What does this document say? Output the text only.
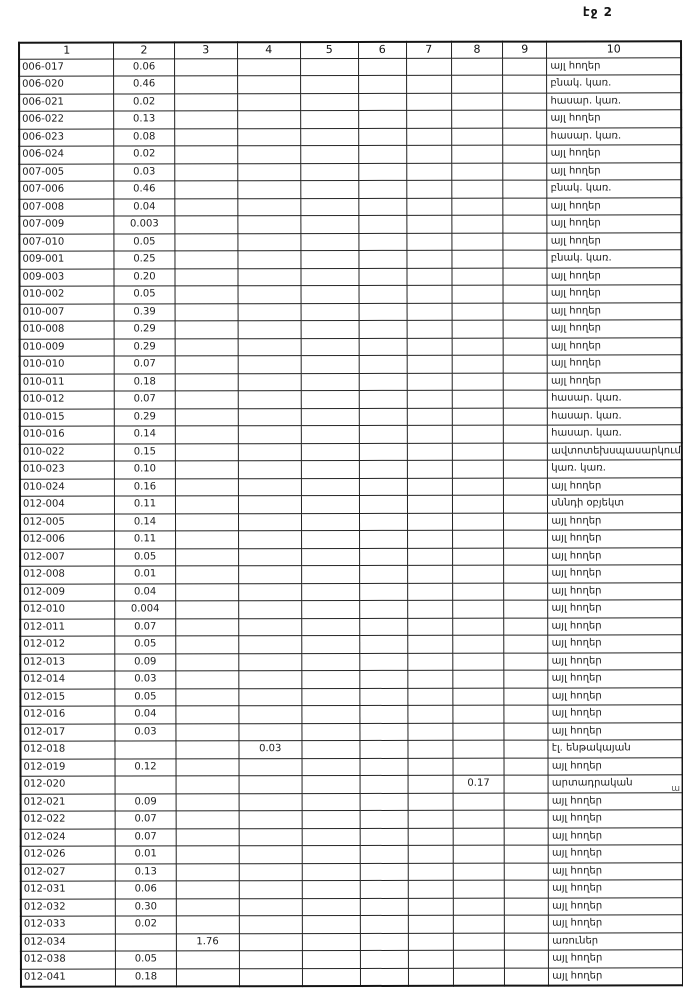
էջ 2
1	2	3	4	5	6	7	8	9	10
006-017	0.06								այլ հողեր
006-020	0.46								բնակ. կառ.
006-021	0.02								հասար. կառ.
006-022	0.13								այլ հողեր
006-023	0.08								հասար. կառ.
006-024	0.02								այլ հողեր
007-005	0.03								այլ հողեր
007-006	0.46								բնակ. կառ.
007-008	0.04								այլ հողեր
007-009	0.003								այլ հողեր
007-010	0.05								այլ հողեր
009-001	0.25								բնակ. կառ.
009-003	0.20								այլ հողեր
010-002	0.05								այլ հողեր
010-007	0.39								այլ հողեր
010-008	0.29								այլ հողեր
010-009	0.29								այլ հողեր
010-010	0.07								այլ հողեր
010-011	0.18								այլ հողեր
010-012	0.07								հասար. կառ.
010-015	0.29								հասար. կառ.
010-016	0.14								հասար. կառ.
010-022	0.15								ավտոտեխսպասարկում
010-023	0.10								կառ. կառ.
010-024	0.16								այլ հողեր
012-004	0.11								սննդի օբյեկտ
012-005	0.14								այլ հողեր
012-006	0.11								այլ հողեր
012-007	0.05								այլ հողեր
012-008	0.01								այլ հողեր
012-009	0.04								այլ հողեր
012-010	0.004								այլ հողեր
012-011	0.07								այլ հողեր
012-012	0.05								այլ հողեր
012-013	0.09								այլ հողեր
012-014	0.03								այլ հողեր
012-015	0.05								այլ հողեր
012-016	0.04								այլ հողեր
012-017	0.03								այլ հողեր
012-018			0.03						էլ. ենթակայան
012-019	0.12								այլ հողեր
012-020							0.17		արտադրական
012-021	0.09								այլ հողեր
012-022	0.07								այլ հողեր
012-024	0.07								այլ հողեր
012-026	0.01								այլ հողեր
012-027	0.13								այլ հողեր
012-031	0.06								այլ հողեր
012-032	0.30								այլ հողեր
012-033	0.02								այլ հողեր
012-034		1.76							առուներ
012-038	0.05								այլ հողեր
012-041	0.18								այլ հողեր
ա
